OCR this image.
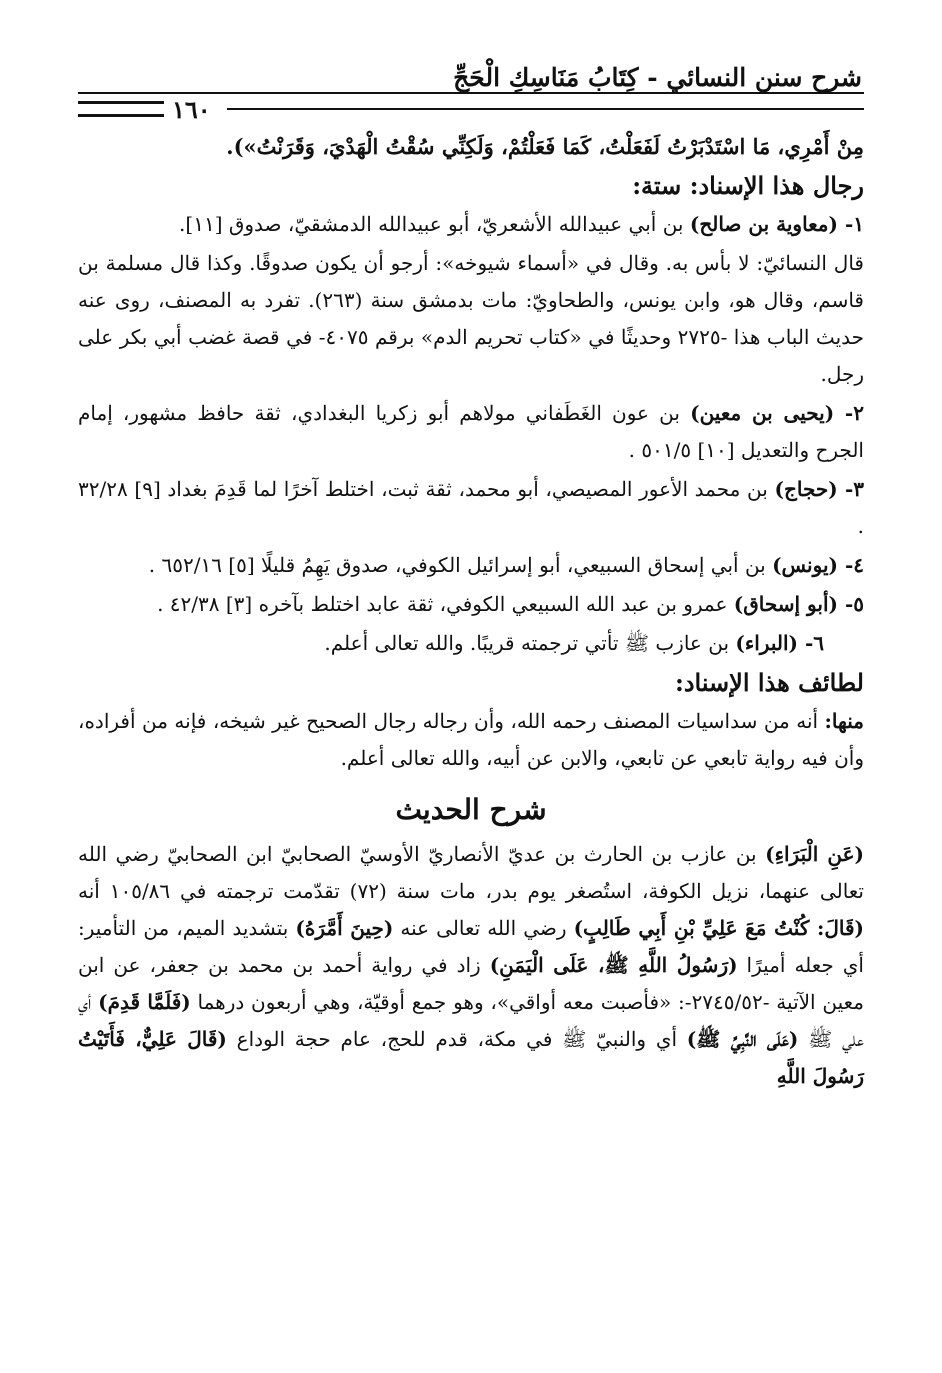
شرح سنن النسائي - كِتَابُ مَنَاسِكِ الْحَجِّ
١٦٠

مِنْ أَمْرِي، مَا اسْتَدْبَرْتُ لَفَعَلْتُ، كَمَا فَعَلْتُمْ، وَلَكِنِّي سُقْتُ الْهَدْيَ، وَقَرَنْتُ»).

رجال هذا الإسناد: ستة:

١- (معاوية بن صالح) بن أبي عبيدالله الأشعريّ، أبو عبيدالله الدمشقيّ، صدوق [١١].

قال النسائيّ: لا بأس به. وقال في «أسماء شيوخه»: أرجو أن يكون صدوقًا. وكذا قال مسلمة بن قاسم، وقال هو، وابن يونس، والطحاويّ: مات بدمشق سنة (٢٦٣). تفرد به المصنف، روى عنه حديث الباب هذا -٢٧٢٥ وحديثًا في «كتاب تحريم الدم» برقم ٤٠٧٥- في قصة غضب أبي بكر على رجل.

٢- (يحيى بن معين) بن عون الغَطَفاني مولاهم أبو زكريا البغدادي، ثقة حافظ مشهور، إمام الجرح والتعديل [١٠] ٥٠١/٥ .

٣- (حجاج) بن محمد الأعور المصيصي، أبو محمد، ثقة ثبت، اختلط آخرًا لما قَدِمَ بغداد [٩] ٣٢/٢٨ .

٤- (يونس) بن أبي إسحاق السبيعي، أبو إسرائيل الكوفي، صدوق يَهِمُ قليلًا [٥] ٦٥٢/١٦ .

٥- (أبو إسحاق) عمرو بن عبد الله السبيعي الكوفي، ثقة عابد اختلط بآخره [٣] ٤٢/٣٨ .

٦- (البراء) بن عازب ﷺ تأتي ترجمته قريبًا. والله تعالى أعلم.

لطائف هذا الإسناد:

منها: أنه من سداسيات المصنف رحمه الله، وأن رجاله رجال الصحيح غير شيخه، فإنه من أفراده، وأن فيه رواية تابعي عن تابعي، والابن عن أبيه، والله تعالى أعلم.

شرح الحديث

(عَنِ الْبَرَاءِ) بن عازب بن الحارث بن عديّ الأنصاريّ الأوسيّ الصحابيّ ابن الصحابيّ رضي الله تعالى عنهما، نزيل الكوفة، استُصغر يوم بدر، مات سنة (٧٢) تقدّمت ترجمته في ١٠٥/٨٦ أنه (قَالَ: كُنْتُ مَعَ عَلِيِّ بْنِ أَبِي طَالِبٍ) رضي الله تعالى عنه (حِينَ أَمَّرَهُ) بتشديد الميم، من التأمير: أي جعله أميرًا (رَسُولُ اللَّهِ ﷺ، عَلَى الْيَمَنِ) زاد في رواية أحمد بن محمد بن جعفر، عن ابن معين الآتية -٢٧٤٥/٥٢-: «فأصبت معه أواقي»، وهو جمع أوقيّة، وهي أربعون درهما (فَلَمَّا قَدِمَ) أي علي ﷺ (عَلَى النَّبِيِّ ﷺ) أي والنبيّ ﷺ في مكة، قدم للحج، عام حجة الوداع (قَالَ عَلِيٌّ، فَأَتَيْتُ رَسُولَ اللَّهِ
